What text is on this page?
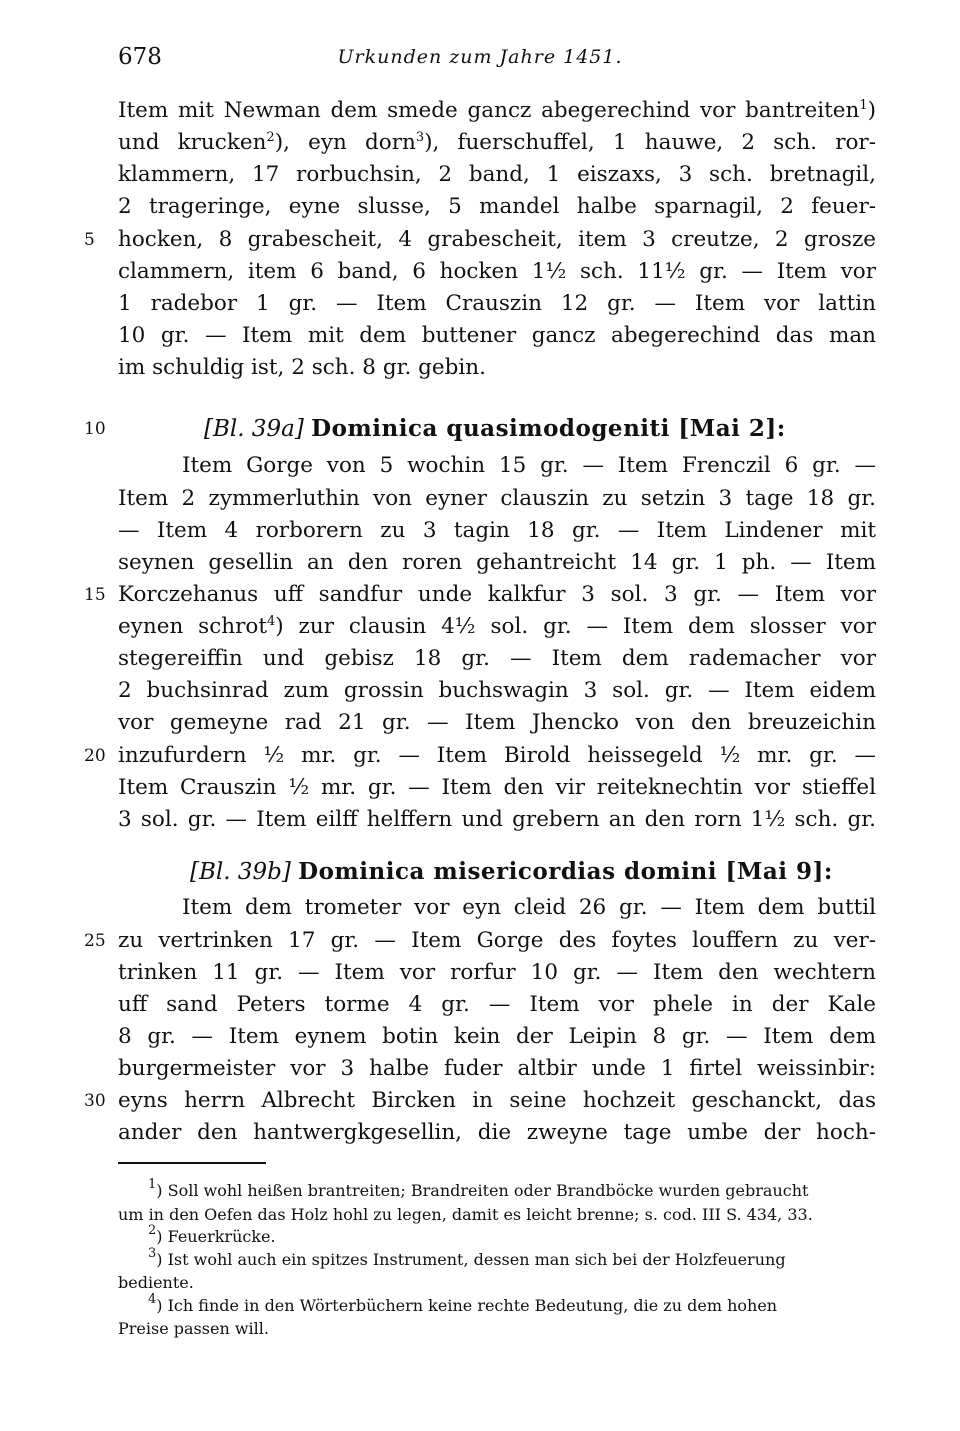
678	Urkunden zum Jahre 1451.
Item mit Newman dem smede gancz abegerechind vor bantreiten$^1$)
und krucken$^2$), eyn dorn$^3$), fuerschuffel, 1 hauwe, 2 sch. ror-
klammern, 17 rorbuchsin, 2 band, 1 eiszaxs, 3 sch. bretnagil,
2 trageringe, eyne slusse, 5 mandel halbe sparnagil, 2 feuer-
5	hocken, 8 grabescheit, 4 grabescheit, item 3 creutze, 2 grosze
clammern, item 6 band, 6 hocken 1½ sch. 11½ gr. — Item vor
1 radebor 1 gr. — Item Crauszin 12 gr. — Item vor lattin
10 gr. — Item mit dem buttener gancz abegerechind das man
im schuldig ist, 2 sch. 8 gr. gebin.
10	[Bl. 39a] Dominica quasimodogeniti [Mai 2]:
Item Gorge von 5 wochin 15 gr. — Item Frenczil 6 gr. —
Item 2 zymmerluthin von eyner clauszin zu setzin 3 tage 18 gr.
— Item 4 rorborern zu 3 tagin 18 gr. — Item Lindener mit
seynen gesellin an den roren gehantreicht 14 gr. 1 ph. — Item
15 Korczehanus uff sandfur unde kalkfur 3 sol. 3 gr. — Item vor
eynen schrot$^4$) zur clausin 4½ sol. gr. — Item dem slosser vor
stegereiffin und gebisz 18 gr. — Item dem rademacher vor
2 buchsinrad zum grossin buchswagin 3 sol. gr. — Item eidem
vor gemeyne rad 21 gr. — Item Jhencko von den breuzeichin
20 inzufurdern ½ mr. gr. — Item Birold heissegeld ½ mr. gr. —
Item Crauszin ½ mr. gr. — Item den vir reiteknechtin vor stieffel
3 sol. gr. — Item eilff helffern und grebern an den rorn 1½ sch. gr.
[Bl. 39b] Dominica misericordias domini [Mai 9]:
Item dem trometer vor eyn cleid 26 gr. — Item dem buttil
25 zu vertrinken 17 gr. — Item Gorge des foytes louffern zu ver-
trinken 11 gr. — Item vor rorfur 10 gr. — Item den wechtern
uff sand Peters torme 4 gr. — Item vor phele in der Kale
8 gr. — Item eynem botin kein der Leipin 8 gr. — Item dem
burgermeister vor 3 halbe fuder altbir unde 1 firtel weissinbir:
30 eyns herrn Albrecht Bircken in seine hochzeit geschanckt, das
ander den hantwergkgesellin, die zweyne tage umbe der hoch-
$^1$) Soll wohl heißen brantreiten; Brandreiten oder Brandböcke wurden gebraucht
um in den Oefen das Holz hohl zu legen, damit es leicht brenne; s. cod. III S. 434, 33.
$^2$) Feuerkrücke.
$^3$) Ist wohl auch ein spitzes Instrument, dessen man sich bei der Holzfeuerung
bediente.
$^4$) Ich finde in den Wörterbüchern keine rechte Bedeutung, die zu dem hohen
Preise passen will.
